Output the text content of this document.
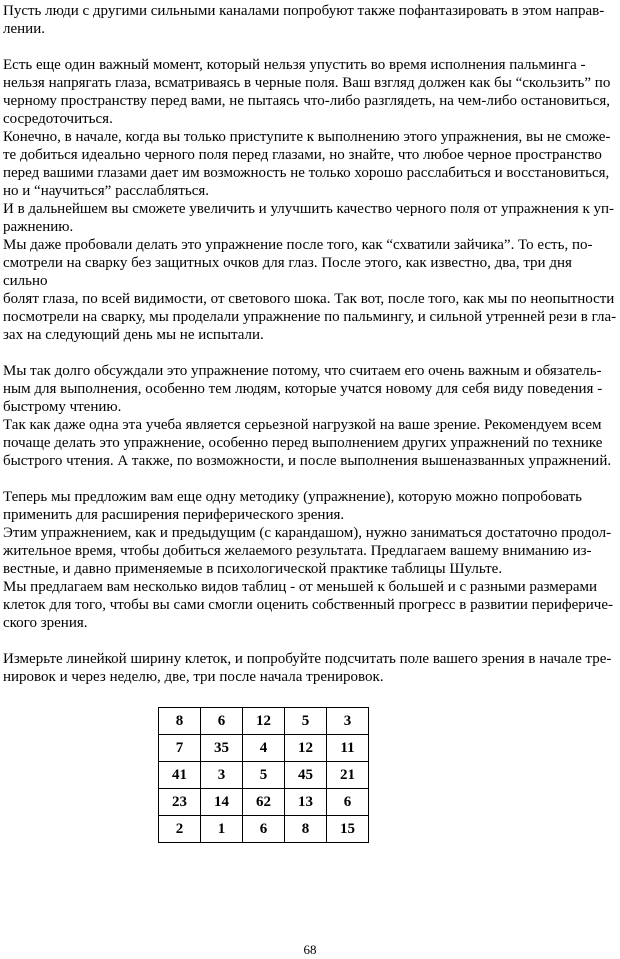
Пусть люди с другими сильными каналами попробуют также пофантазировать в этом направ-
лении.

Есть еще один важный момент, который нельзя упустить во время исполнения пальминга -
нельзя напрягать глаза, всматриваясь в черные поля. Ваш взгляд должен как бы “скользить” по
черному пространству перед вами, не пытаясь что-либо разглядеть, на чем-либо остановиться,
сосредоточиться.

Конечно, в начале, когда вы только приступите к выполнению этого упражнения, вы не сможе-
те добиться идеально черного поля перед глазами, но знайте, что любое черное пространство
перед вашими глазами дает им возможность не только хорошо расслабиться и восстановиться,
но и “научиться” расслабляться.

И в дальнейшем вы сможете увеличить и улучшить качество черного поля от упражнения к уп-
ражнению.

Мы даже пробовали делать это упражнение после того, как “схватили зайчика”. То есть, по-
смотрели на сварку без защитных очков для глаз. После этого, как известно, два, три дня сильно
болят глаза, по всей видимости, от светового шока. Так вот, после того, как мы по неопытности
посмотрели на сварку, мы проделали упражнение по пальмингу, и сильной утренней рези в гла-
зах на следующий день мы не испытали.

Мы так долго обсуждали это упражнение потому, что считаем его очень важным и обязатель-
ным для выполнения, особенно тем людям, которые учатся новому для себя виду поведения -
быстрому чтению.

Так как даже одна эта учеба является серьезной нагрузкой на ваше зрение. Рекомендуем всем
почаще делать это упражнение, особенно перед выполнением других упражнений по технике
быстрого чтения. А также, по возможности, и после выполнения вышеназванных упражнений.

Теперь мы предложим вам еще одну методику (упражнение), которую можно попробовать
применить для расширения периферического зрения.

Этим упражнением, как и предыдущим (с карандашом), нужно заниматься достаточно продол-
жительное время, чтобы добиться желаемого результата. Предлагаем вашему вниманию из-
вестные, и давно применяемые в психологической практике таблицы Шульте.

Мы предлагаем вам несколько видов таблиц - от меньшей к большей и с разными размерами
клеток для того, чтобы вы сами смогли оценить собственный прогресс в развитии перифериче-
ского зрения.

Измерьте линейкой ширину клеток, и попробуйте подсчитать поле вашего зрения в начале тре-
нировок и через неделю, две, три после начала тренировок.

8	6	12	5	3
7	35	4	12	11
41	3	5	45	21
23	14	62	13	6
2	1	6	8	15
68
